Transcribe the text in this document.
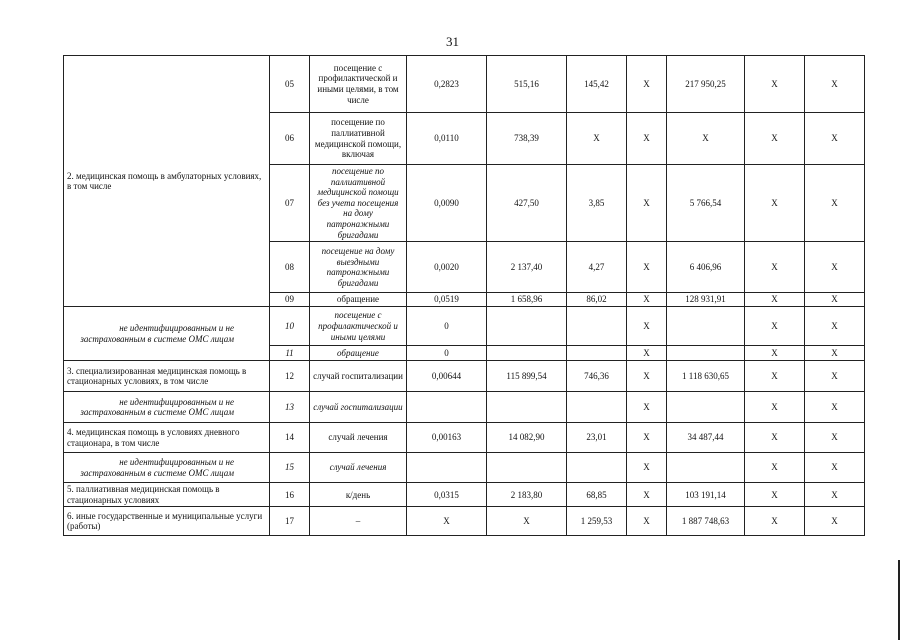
31
2. медицинская помощь в амбулаторных условиях, в том числе	05	посещение с профилактической и иными целями, в том числе	0,2823	515,16	145,42	Х	217 950,25	Х	Х
	06	посещение по паллиативной медицинской помощи, включая	0,0110	738,39	Х	Х	Х	Х	Х
	07	посещение по паллиативной медицинской помощи без учета посещения на дому патронажными бригадами	0,0090	427,50	3,85	Х	5 766,54	Х	Х
	08	посещение на дому выездными патронажными бригадами	0,0020	2 137,40	4,27	Х	6 406,96	Х	Х
	09	обращение	0,0519	1 658,96	86,02	Х	128 931,91	Х	Х
не идентифицированным и не застрахованным в системе ОМС лицам	10	посещение с профилактической и иными целями	0			Х		Х	Х
	11	обращение	0			Х		Х	Х
3. специализированная медицинская помощь в стационарных условиях, в том числе	12	случай госпитализации	0,00644	115 899,54	746,36	Х	1 118 630,65	Х	Х
не идентифицированным и не застрахованным в системе ОМС лицам	13	случай госпитализации				Х		Х	Х
4. медицинская помощь в условиях дневного стационара, в том числе	14	случай лечения	0,00163	14 082,90	23,01	Х	34 487,44	Х	Х
не идентифицированным и не застрахованным в системе ОМС лицам	15	случай лечения				Х		Х	Х
5. паллиативная медицинская помощь в стационарных условиях	16	к/день	0,0315	2 183,80	68,85	Х	103 191,14	Х	Х
6. иные государственные и муниципальные услуги (работы)	17	–	Х	Х	1 259,53	Х	1 887 748,63	Х	Х
